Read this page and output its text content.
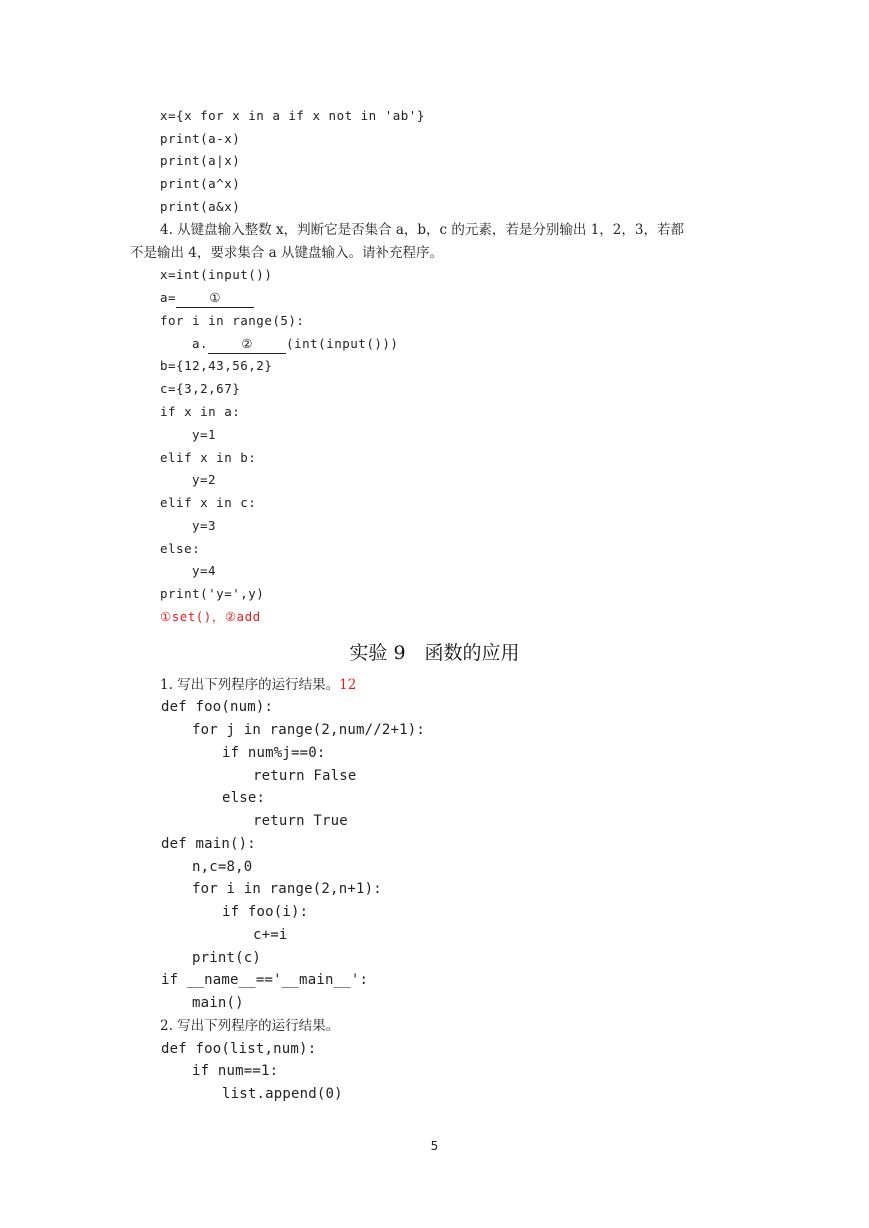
x={x for x in a if x not in 'ab'}
print(a-x)
print(a|x)
print(a^x)
print(a&x)
4. 从键盘输入整数 x，判断它是否集合 a，b，c 的元素，若是分别输出 1，2，3，若都
不是输出 4，要求集合 a 从键盘输入。请补充程序。
x=int(input())
a=	①
for i in range(5):
a.	②	(int(input()))
b={12,43,56,2}
c={3,2,67}
if x in a:
y=1
elif x in b:
y=2
elif x in c:
y=3
else:
y=4
print('y=',y)
①set()，②add
实验 9　函数的应用
1. 写出下列程序的运行结果。12
def foo(num):
for j in range(2,num//2+1):
if num%j==0:
return False
else:
return True
def main():
n,c=8,0
for i in range(2,n+1):
if foo(i):
c+=i
print(c)
if __name__=='__main__':
main()
2. 写出下列程序的运行结果。
def foo(list,num):
if num==1:
list.append(0)
5
